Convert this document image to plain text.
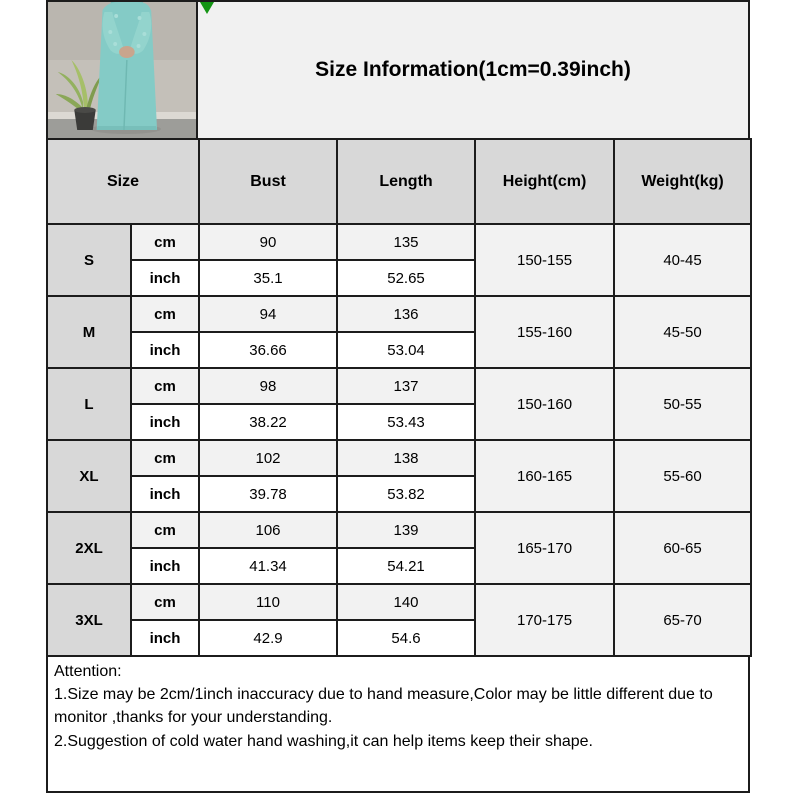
Size Information(1cm=0.39inch)
Size		Bust	Length	Height(cm)	Weight(kg)
S	cm	90	135	150-155	40-45
	inch	35.1	52.65		
M	cm	94	136	155-160	45-50
	inch	36.66	53.04		
L	cm	98	137	150-160	50-55
	inch	38.22	53.43		
XL	cm	102	138	160-165	55-60
	inch	39.78	53.82		
2XL	cm	106	139	165-170	60-65
	inch	41.34	54.21		
3XL	cm	110	140	170-175	65-70
	inch	42.9	54.6		
Attention:
1.Size may be 2cm/1inch inaccuracy due to hand measure,Color may be little different due to monitor ,thanks for your understanding.
2.Suggestion of cold water hand washing,it can help items keep their shape.
